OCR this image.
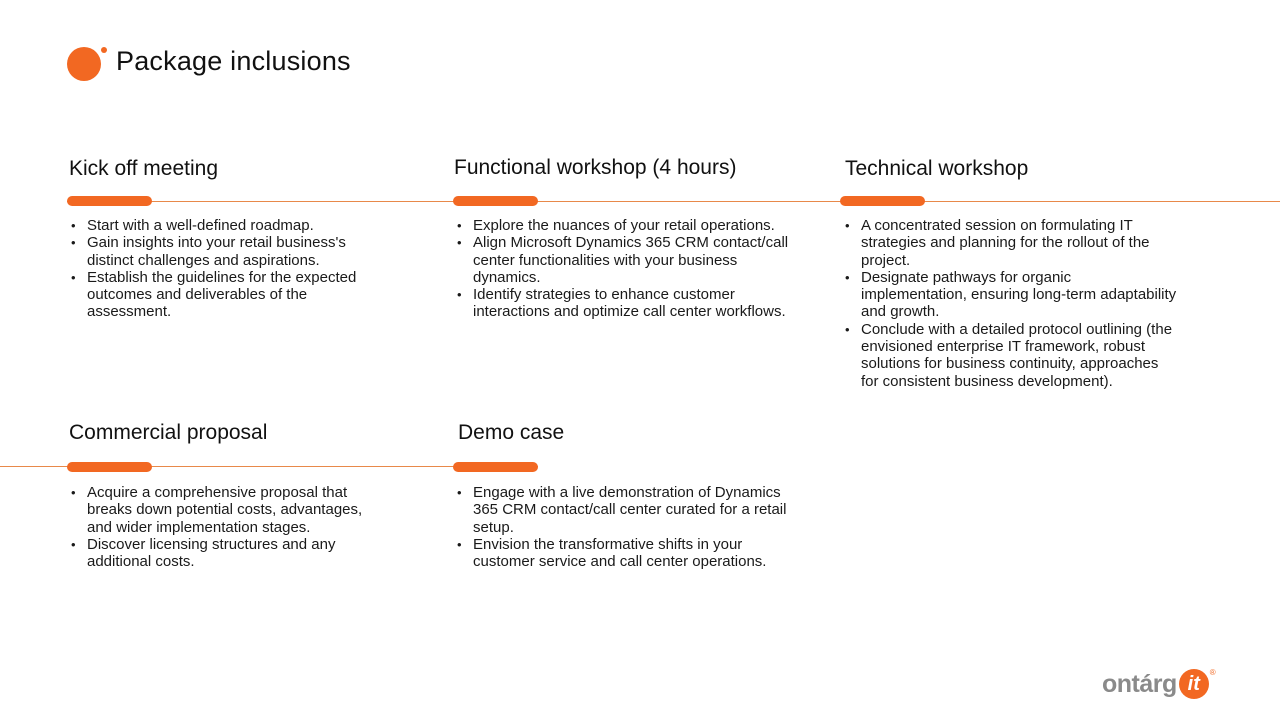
Package inclusions
Kick off meeting
• Start with a well-defined roadmap.
• Gain insights into your retail business's distinct challenges and aspirations.
• Establish the guidelines for the expected outcomes and deliverables of the assessment.
Functional workshop (4 hours)
• Explore the nuances of your retail operations.
• Align Microsoft Dynamics 365 CRM contact/call center functionalities with your business dynamics.
• Identify strategies to enhance customer interactions and optimize call center workflows.
Technical workshop
• A concentrated session on formulating IT strategies and planning for the rollout of the project.
• Designate pathways for organic implementation, ensuring long-term adaptability and growth.
• Conclude with a detailed protocol outlining (the envisioned enterprise IT framework, robust solutions for business continuity, approaches for consistent business development).
Commercial proposal
• Acquire a comprehensive proposal that breaks down potential costs, advantages, and wider implementation stages.
• Discover licensing structures and any additional costs.
Demo case
• Engage with a live demonstration of Dynamics 365 CRM contact/call center curated for a retail setup.
• Envision the transformative shifts in your customer service and call center operations.
ontárg it	®
